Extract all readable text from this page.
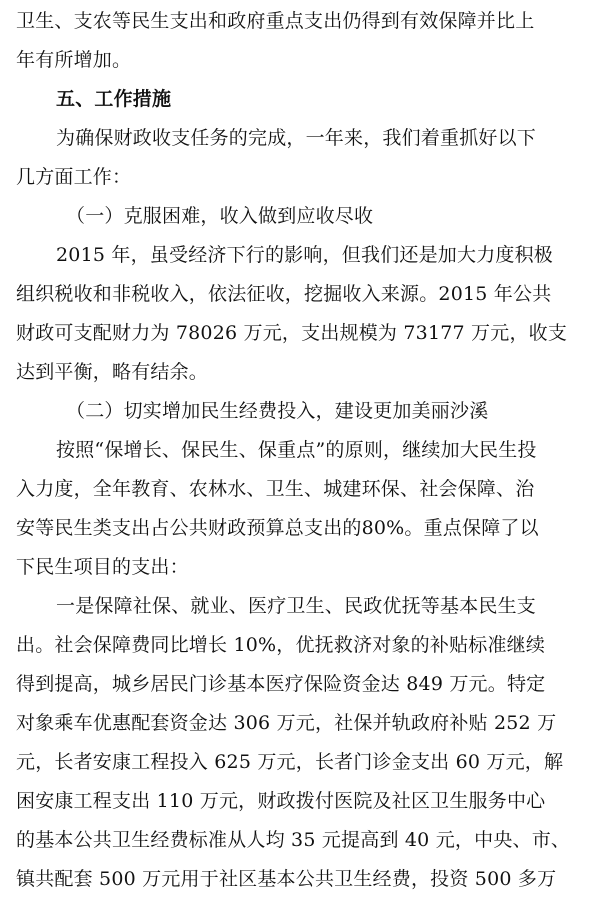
卫生、支农等民生支出和政府重点支出仍得到有效保障并比上
年有所增加。
五、工作措施
为确保财政收支任务的完成，一年来，我们着重抓好以下
几方面工作：
（一）克服困难，收入做到应收尽收
2015 年，虽受经济下行的影响，但我们还是加大力度积极
组织税收和非税收入，依法征收，挖掘收入来源。2015 年公共
财政可支配财力为 78026 万元，支出规模为 73177 万元，收支
达到平衡，略有结余。
（二）切实增加民生经费投入，建设更加美丽沙溪
按照“保增长、保民生、保重点”的原则，继续加大民生投
入力度，全年教育、农林水、卫生、城建环保、社会保障、治
安等民生类支出占公共财政预算总支出的80%。重点保障了以
下民生项目的支出：
一是保障社保、就业、医疗卫生、民政优抚等基本民生支
出。社会保障费同比增长 10%，优抚救济对象的补贴标准继续
得到提高，城乡居民门诊基本医疗保险资金达 849 万元。特定
对象乘车优惠配套资金达 306 万元，社保并轨政府补贴 252 万
元，长者安康工程投入 625 万元，长者门诊金支出 60 万元，解
困安康工程支出 110 万元，财政拨付医院及社区卫生服务中心
的基本公共卫生经费标准从人均 35 元提高到 40 元，中央、市、
镇共配套 500 万元用于社区基本公共卫生经费，投资 500 多万
